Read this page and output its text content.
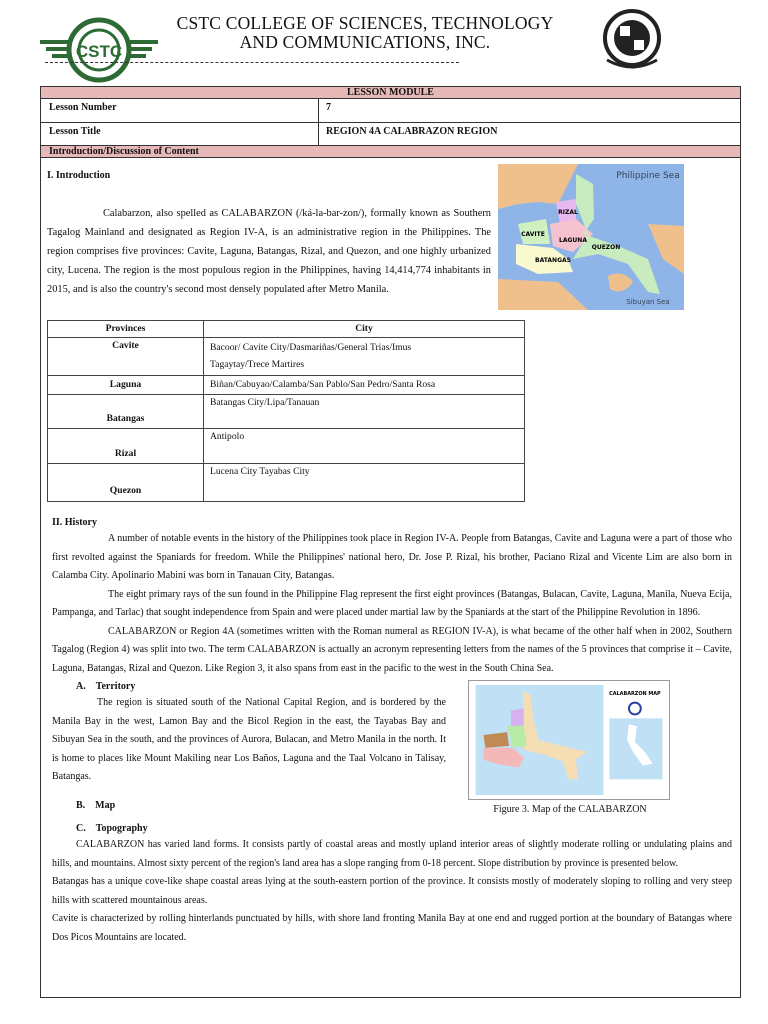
CSTC
CSTC COLLEGE OF SCIENCES, TECHNOLOGY
AND COMMUNICATIONS, INC.
LESSON MODULE
Lesson Number	7
Lesson Title	REGION 4A CALABRAZON REGION
Introduction/Discussion of Content
I. Introduction
Calabarzon, also spelled as CALABARZON (/ká-la-bar-zon/), formally known as Southern Tagalog Mainland and designated as Region IV-A, is an administrative region in the Philippines. The region comprises five provinces: Cavite, Laguna, Batangas, Rizal, and Quezon, and one highly urbanized city, Lucena. The region is the most populous region in the Philippines, having 14,414,774 inhabitants in 2015, and is also the country's second most densely populated after Metro Manila.
Philippine Sea
Sibuyan Sea
RIZAL
CAVITE
LAGUNA
BATANGAS
QUEZON
Provinces	City
Cavite	Bacoor/ Cavite City/Dasmariñas/General Trias/Imus
Tagaytay/Trece Martires

Laguna	Biñan/Cabuyao/Calamba/San Pablo/San Pedro/Santa Rosa
Batangas	Batangas City/Lipa/Tanauan
Rizal	Antipolo
Quezon	Lucena City Tayabas City
II. History
A number of notable events in the history of the Philippines took place in Region IV-A. People from Batangas, Cavite and Laguna were a part of those who first revolted against the Spaniards for freedom. While the Philippines' national hero, Dr. Jose P. Rizal, his brother, Paciano Rizal and Vicente Lim are also born in Calamba City. Apolinario Mabini was born in Tanauan City, Batangas.
The eight primary rays of the sun found in the Philippine Flag represent the first eight provinces (Batangas, Bulacan, Cavite, Laguna, Manila, Nueva Ecija, Pampanga, and Tarlac) that sought independence from Spain and were placed under martial law by the Spaniards at the start of the Philippine Revolution in 1896.
CALABARZON or Region 4A (sometimes written with the Roman numeral as REGION IV-A), is what became of the other half when in 2002, Southern Tagalog (Region 4) was split into two. The term CALABARZON is actually an acronym representing letters from the names of the 5 provinces that comprise it – Cavite, Laguna, Batangas, Rizal and Quezon. Like Region 3, it also spans from east in the pacific to the west in the South China Sea.
A.    Territory
The region is situated south of the National Capital Region, and is bordered by the Manila Bay in the west, Lamon Bay and the Bicol Region in the east, the Tayabas Bay and Sibuyan Sea in the south, and the provinces of Aurora, Bulacan, and Metro Manila in the north. It is home to places like Mount Makiling near Los Baños, Laguna and the Taal Volcano in Talisay, Batangas.
B.    Map
CALABARZON MAP
Figure 3. Map of the CALABARZON
C.    Topography
CALABARZON has varied land forms. It consists partly of coastal areas and mostly upland interior areas of slightly moderate rolling or undulating plains and hills, and mountains. Almost sixty percent of the region's land area has a slope ranging from 0-18 percent. Slope distribution by province is presented below.
Batangas has a unique cove-like shape coastal areas lying at the south-eastern portion of the province. It consists mostly of moderately sloping to rolling and very steep hills with scattered mountainous areas.
Cavite is characterized by rolling hinterlands punctuated by hills, with shore land fronting Manila Bay at one end and rugged portion at the boundary of Batangas where Dos Picos Mountains are located.
